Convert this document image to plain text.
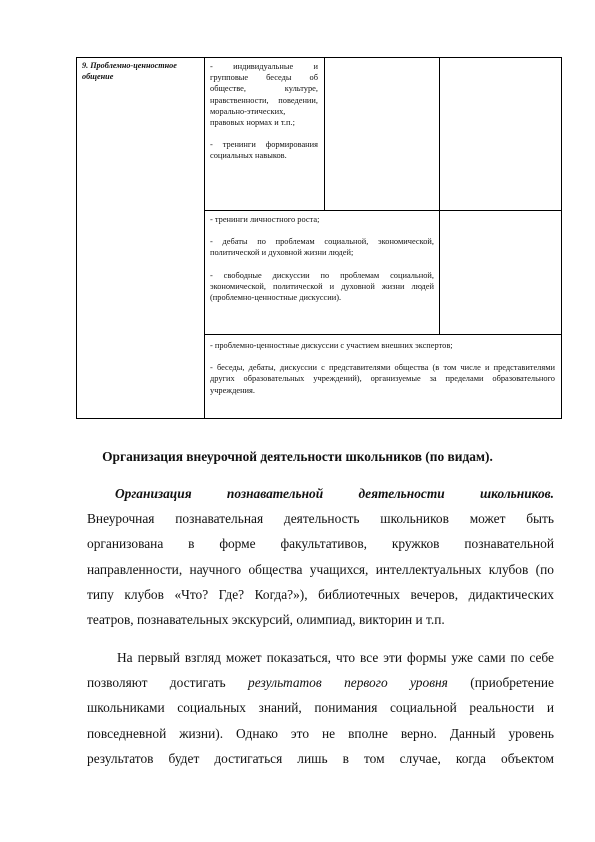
9. Проблемно-ценностное общение

- индивидуальные и групповые беседы об обществе, культуре, нравственности, поведении, морально-этических, правовых нормах и т.п.;

- тренинги формирования социальных навыков.

- тренинги личностного роста;

- дебаты по проблемам социальной, экономической, политической и духовной жизни людей;

- свободные дискуссии по проблемам социальной, экономической, политической и духовной жизни людей (проблемно-ценностные дискуссии).

- проблемно-ценностные дискуссии с участием внешних экспертов;

- беседы, дебаты, дискуссии с представителями общества (в том числе и представителями других образовательных учреждений), организуемые за пределами образовательного учреждения.

Организация внеурочной деятельности школьников (по видам).
Организация познавательной деятельности школьников.
Внеурочная познавательная деятельность школьников может быть
организована в форме факультативов, кружков познавательной
направленности, научного общества учащихся, интеллектуальных клубов (по
типу клубов «Что? Где? Когда?»), библиотечных вечеров, дидактических
театров, познавательных экскурсий, олимпиад, викторин и т.п.
На первый взгляд может показаться, что все эти формы уже сами по себе
позволяют достигать результатов первого уровня (приобретение
школьниками социальных знаний, понимания социальной реальности и
повседневной жизни). Однако это не вполне верно. Данный уровень
результатов будет достигаться лишь в том случае, когда объектом
